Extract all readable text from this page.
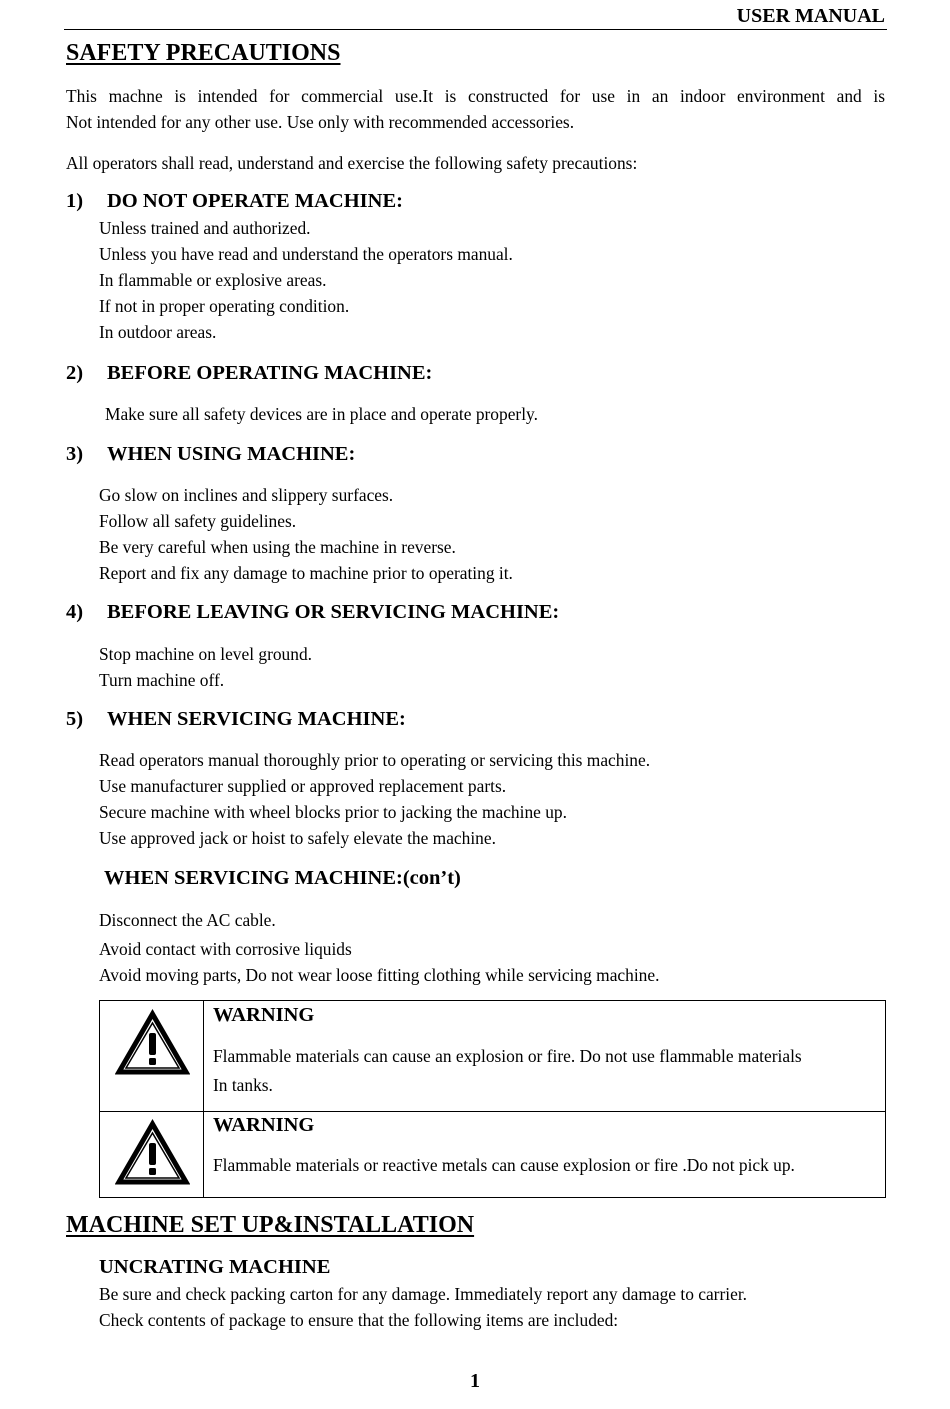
USER MANUAL
SAFETY PRECAUTIONS
This machne is intended for commercial use.It is constructed for use in an indoor environment and is
Not intended for any other use. Use only with recommended accessories.
All operators shall read, understand and exercise the following safety precautions:
1) DO NOT OPERATE MACHINE:
Unless trained and authorized.
Unless you have read and understand the operators manual.
In flammable or explosive areas.
If not in proper operating condition.
In outdoor areas.
2) BEFORE OPERATING MACHINE:
Make sure all safety devices are in place and operate properly.
3) WHEN USING MACHINE:
Go slow on inclines and slippery surfaces.
Follow all safety guidelines.
Be very careful when using the machine in reverse.
Report and fix any damage to machine prior to operating it.
4) BEFORE LEAVING OR SERVICING MACHINE:
Stop machine on level ground.
Turn machine off.
5) WHEN SERVICING MACHINE:
Read operators manual thoroughly prior to operating or servicing this machine.
Use manufacturer supplied or approved replacement parts.
Secure machine with wheel blocks prior to jacking the machine up.
Use approved jack or hoist to safely elevate the machine.
WHEN SERVICING MACHINE:(con’t)
Disconnect the AC cable.
Avoid contact with corrosive liquids
Avoid moving parts, Do not wear loose fitting clothing while servicing machine.
WARNING
Flammable materials can cause an explosion or fire. Do not use flammable materials
In tanks.
WARNING
Flammable materials or reactive metals can cause explosion or fire .Do not pick up.
MACHINE SET UP&INSTALLATION
UNCRATING MACHINE
Be sure and check packing carton for any damage. Immediately report any damage to carrier.
Check contents of package to ensure that the following items are included:
1
